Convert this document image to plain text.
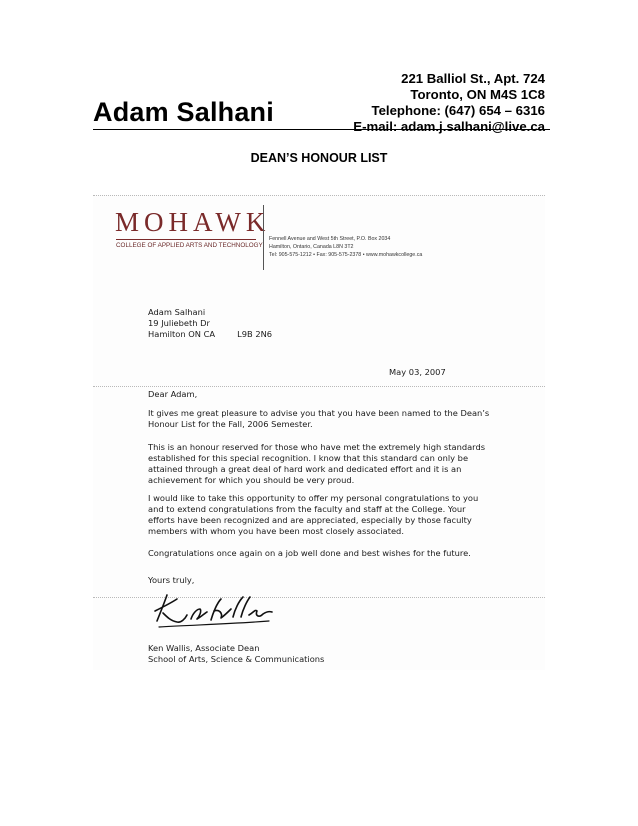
Adam Salhani
221 Balliol St., Apt. 724
Toronto, ON M4S 1C8
Telephone: (647) 654 – 6316
E-mail: adam.j.salhani@live.ca
DEAN’S HONOUR LIST
MOHAWK
COLLEGE OF APPLIED ARTS AND TECHNOLOGY
Fennell Avenue and West 5th Street, P.O. Box 2034
Hamilton, Ontario, Canada L8N 3T2
Tel: 905-575-1212 • Fax: 905-575-2378 • www.mohawkcollege.ca
Adam Salhani
19 Juliebeth Dr
Hamilton ON CA	L9B 2N6
May 03, 2007
Dear Adam,
It gives me great pleasure to advise you that you have been named to the Dean’s
Honour List for the Fall, 2006 Semester.
This is an honour reserved for those who have met the extremely high standards
established for this special recognition. I know that this standard can only be
attained through a great deal of hard work and dedicated effort and it is an
achievement for which you should be very proud.
I would like to take this opportunity to offer my personal congratulations to you
and to extend congratulations from the faculty and staff at the College. Your
efforts have been recognized and are appreciated, especially by those faculty
members with whom you have been most closely associated.
Congratulations once again on a job well done and best wishes for the future.
Yours truly,
Ken Wallis, Associate Dean
School of Arts, Science & Communications
